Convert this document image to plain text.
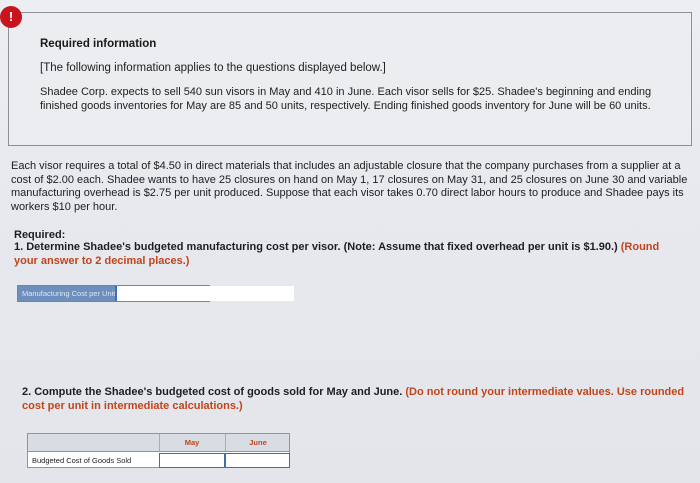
Required information
[The following information applies to the questions displayed below.]
Shadee Corp. expects to sell 540 sun visors in May and 410 in June. Each visor sells for $25. Shadee's beginning and ending finished goods inventories for May are 85 and 50 units, respectively. Ending finished goods inventory for June will be 60 units.
!
Each visor requires a total of $4.50 in direct materials that includes an adjustable closure that the company purchases from a supplier at a cost of $2.00 each. Shadee wants to have 25 closures on hand on May 1, 17 closures on May 31, and 25 closures on June 30 and variable manufacturing overhead is $2.75 per unit produced. Suppose that each visor takes 0.70 direct labor hours to produce and Shadee pays its workers $10 per hour.
Required:
1. Determine Shadee's budgeted manufacturing cost per visor. (Note: Assume that fixed overhead per unit is $1.90.) (Round your answer to 2 decimal places.)
Manufacturing Cost per Unit
2. Compute the Shadee's budgeted cost of goods sold for May and June. (Do not round your intermediate values. Use rounded cost per unit in intermediate calculations.)
May	June
Budgeted Cost of Goods Sold
